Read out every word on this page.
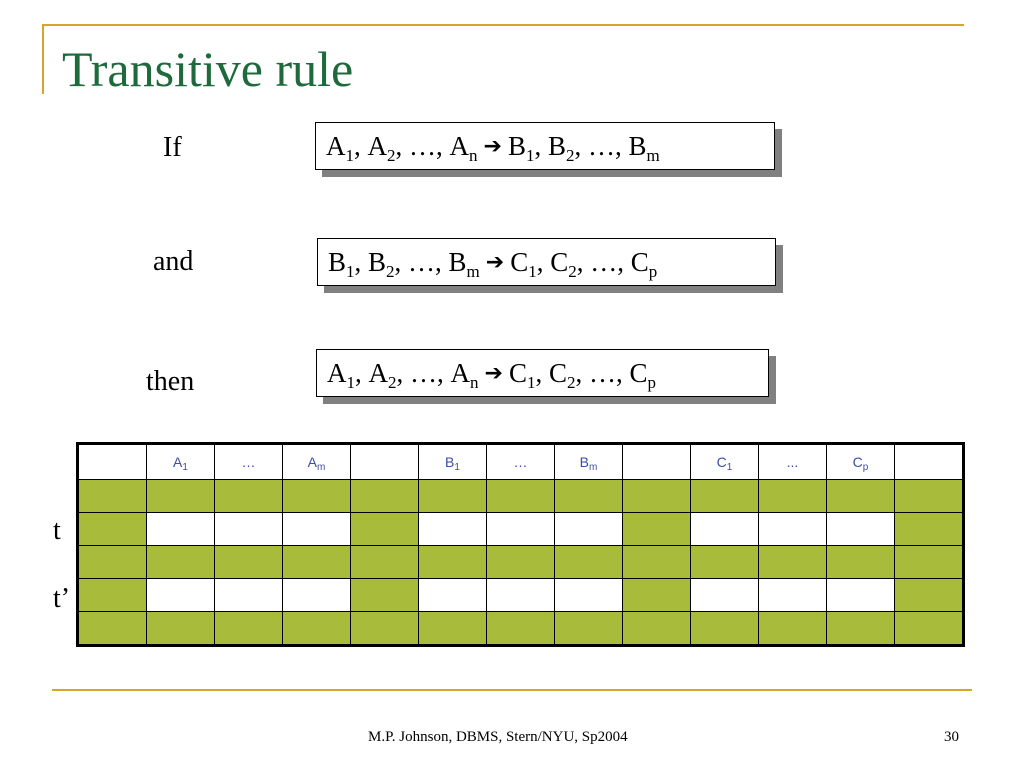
Transitive rule
If	$A_1$ , $A_2$ , … , $A_n$ ➔ $B_1$ , $B_2$ , … , $B_m$
and	$B_1$ , $B_2$ , … , $B_m$ ➔ $C_1$ , $C_2$ , … , $C_p$
then	$A_1$ , $A_2$ , … , $A_n$ ➔ $C_1$ , $C_2$ , … , $C_p$
	$A_1$	…	$A_m$		$B_1$	…	$B_m$		$C_1$	...	$C_p$	

t
t’
M.P. Johnson, DBMS, Stern/NYU, Sp2004	30
